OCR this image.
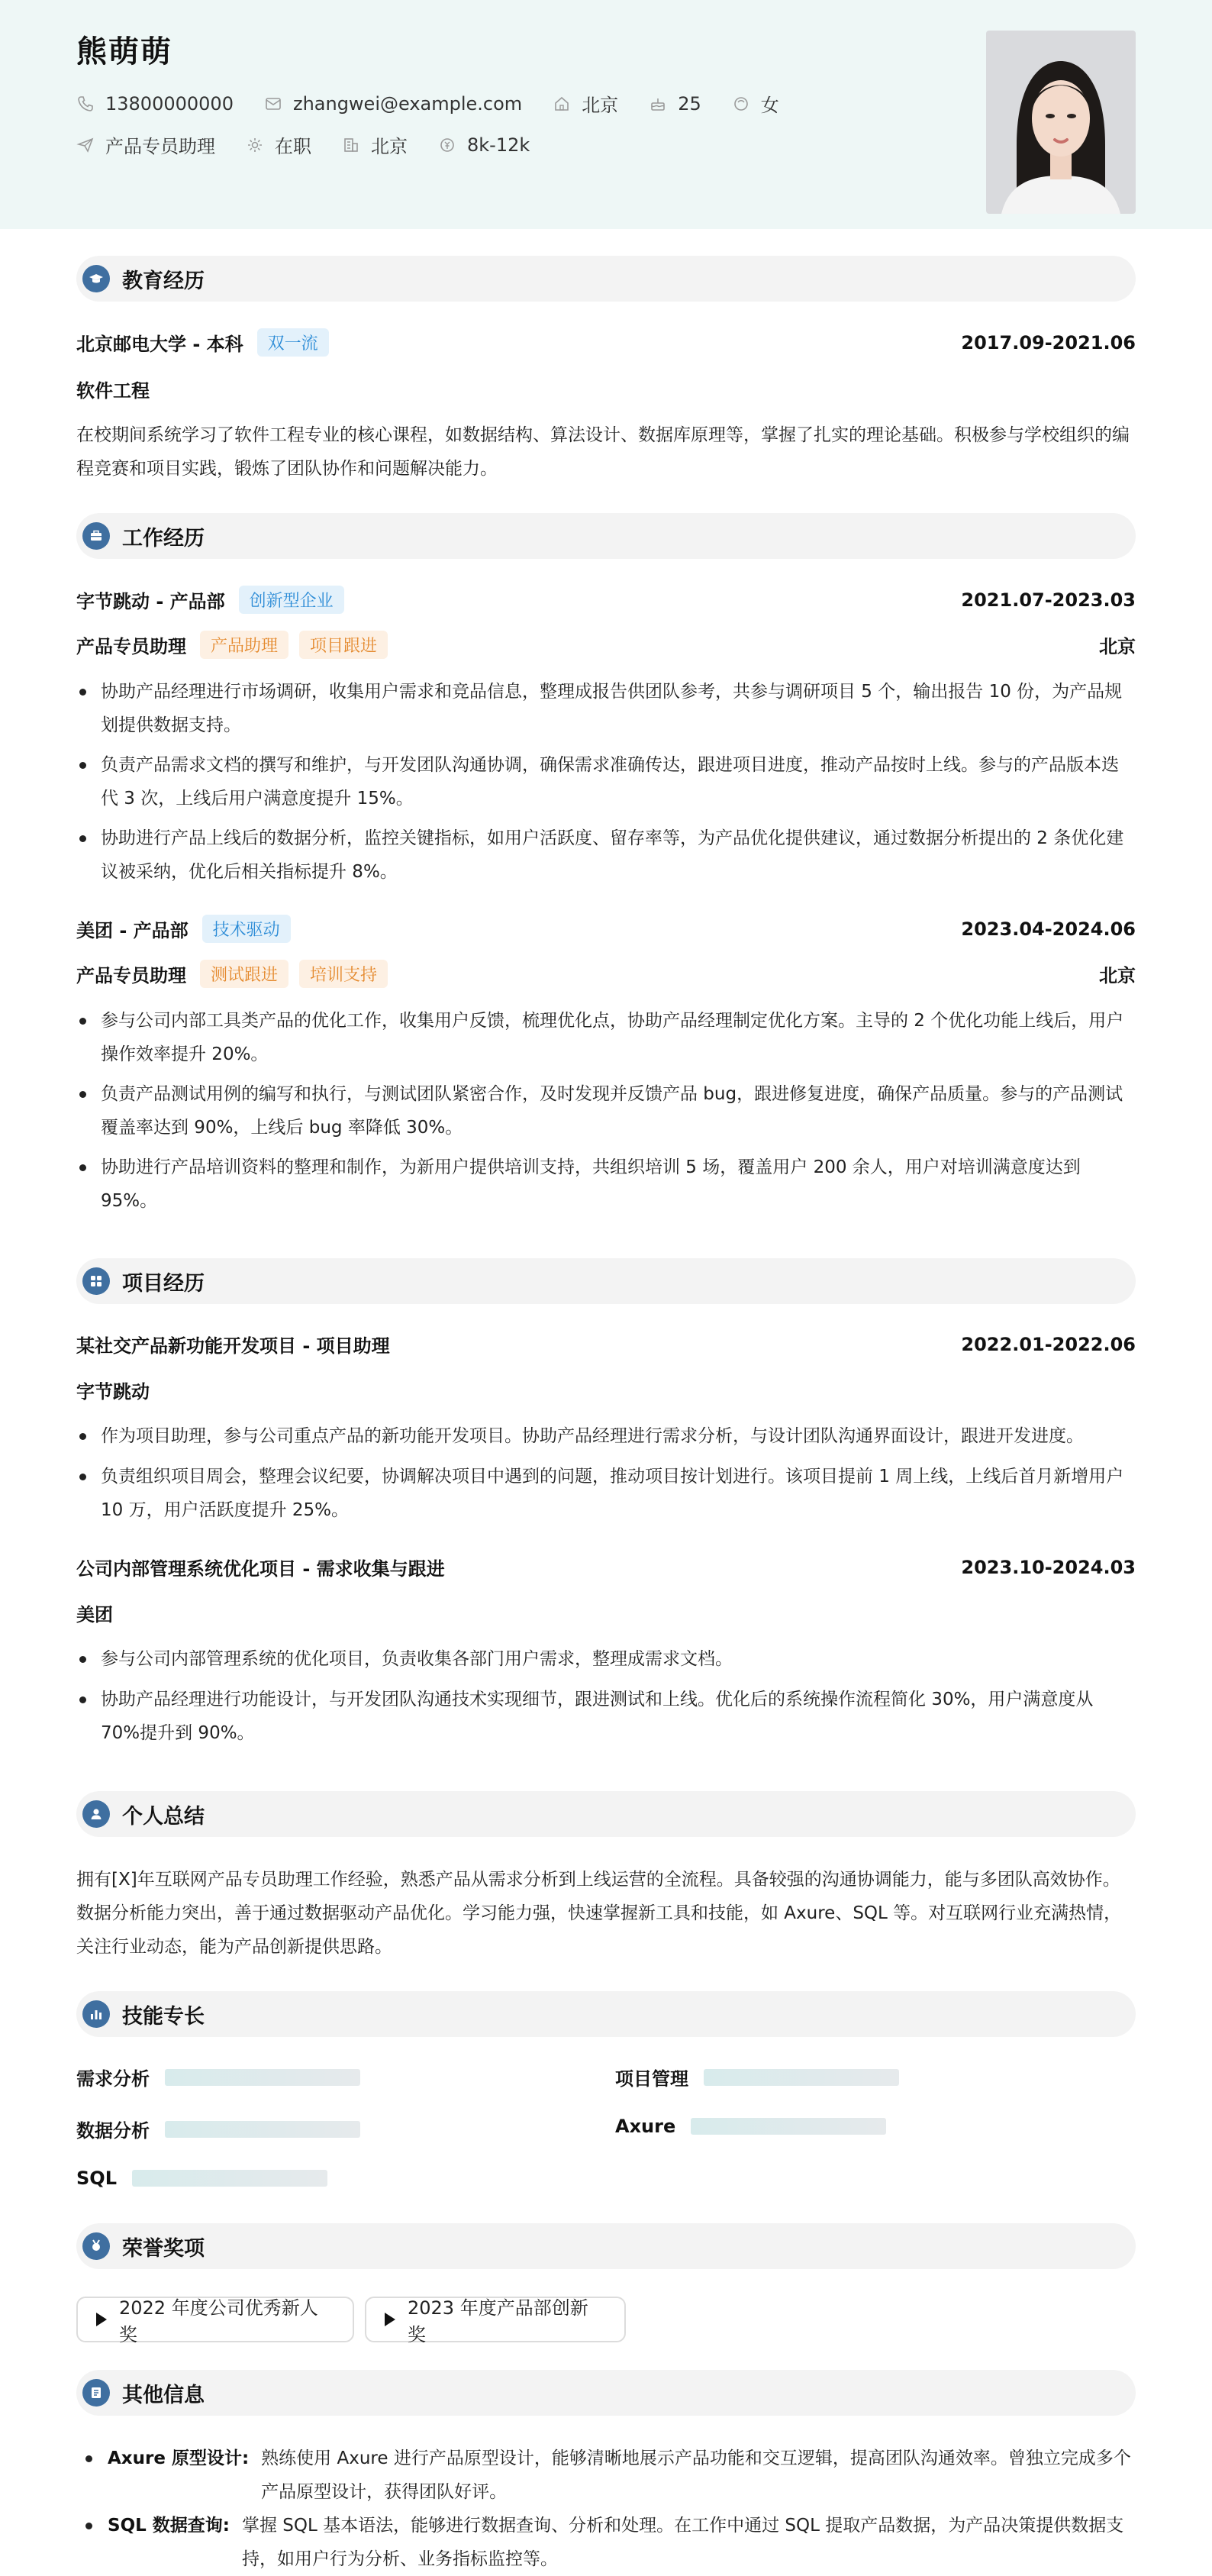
熊萌萌
13800000000	zhangwei@example.com	北京	25	女
产品专员助理	在职	北京	8k-12k
教育经历
北京邮电大学 - 本科	双一流	2017.09-2021.06
软件工程

在校期间系统学习了软件工程专业的核心课程，如数据结构、算法设计、数据库原理等，掌握了扎实的理论基础。积极参与学校组织的编程竞赛和项目实践，锻炼了团队协作和问题解决能力。

工作经历
字节跳动 - 产品部	创新型企业	2021.07-2023.03
产品专员助理	产品助理	项目跟进	北京

协助产品经理进行市场调研，收集用户需求和竞品信息，整理成报告供团队参考，共参与调研项目 5 个，输出报告 10 份，为产品规划提供数据支持。

负责产品需求文档的撰写和维护，与开发团队沟通协调，确保需求准确传达，跟进项目进度，推动产品按时上线。参与的产品版本迭代 3 次，上线后用户满意度提升 15%。

协助进行产品上线后的数据分析，监控关键指标，如用户活跃度、留存率等，为产品优化提供建议，通过数据分析提出的 2 条优化建议被采纳，优化后相关指标提升 8%。

美团 - 产品部	技术驱动	2023.04-2024.06
产品专员助理	测试跟进	培训支持	北京

参与公司内部工具类产品的优化工作，收集用户反馈，梳理优化点，协助产品经理制定优化方案。主导的 2 个优化功能上线后，用户操作效率提升 20%。

负责产品测试用例的编写和执行，与测试团队紧密合作，及时发现并反馈产品 bug，跟进修复进度，确保产品质量。参与的产品测试覆盖率达到 90%，上线后 bug 率降低 30%。

协助进行产品培训资料的整理和制作，为新用户提供培训支持，共组织培训 5 场，覆盖用户 200 余人，用户对培训满意度达到 95%。

项目经历
某社交产品新功能开发项目 - 项目助理	2022.01-2022.06
字节跳动

作为项目助理，参与公司重点产品的新功能开发项目。协助产品经理进行需求分析，与设计团队沟通界面设计，跟进开发进度。

负责组织项目周会，整理会议纪要，协调解决项目中遇到的问题，推动项目按计划进行。该项目提前 1 周上线，上线后首月新增用户 10 万，用户活跃度提升 25%。

公司内部管理系统优化项目 - 需求收集与跟进	2023.10-2024.03
美团

参与公司内部管理系统的优化项目，负责收集各部门用户需求，整理成需求文档。

协助产品经理进行功能设计，与开发团队沟通技术实现细节，跟进测试和上线。优化后的系统操作流程简化 30%，用户满意度从 70%提升到 90%。

个人总结

拥有[X]年互联网产品专员助理工作经验，熟悉产品从需求分析到上线运营的全流程。具备较强的沟通协调能力，能与多团队高效协作。数据分析能力突出，善于通过数据驱动产品优化。学习能力强，快速掌握新工具和技能，如 Axure、SQL 等。对互联网行业充满热情，关注行业动态，能为产品创新提供思路。

技能专长
需求分析	项目管理
数据分析	Axure
SQL
荣誉奖项
2022 年度公司优秀新人奖
2023 年度产品部创新奖
其他信息
Axure 原型设计: 熟练使用 Axure 进行产品原型设计，能够清晰地展示产品功能和交互逻辑，提高团队沟通效率。曾独立完成多个产品原型设计，获得团队好评。
SQL 数据查询: 掌握 SQL 基本语法，能够进行数据查询、分析和处理。在工作中通过 SQL 提取产品数据，为产品决策提供数据支持，如用户行为分析、业务指标监控等。
